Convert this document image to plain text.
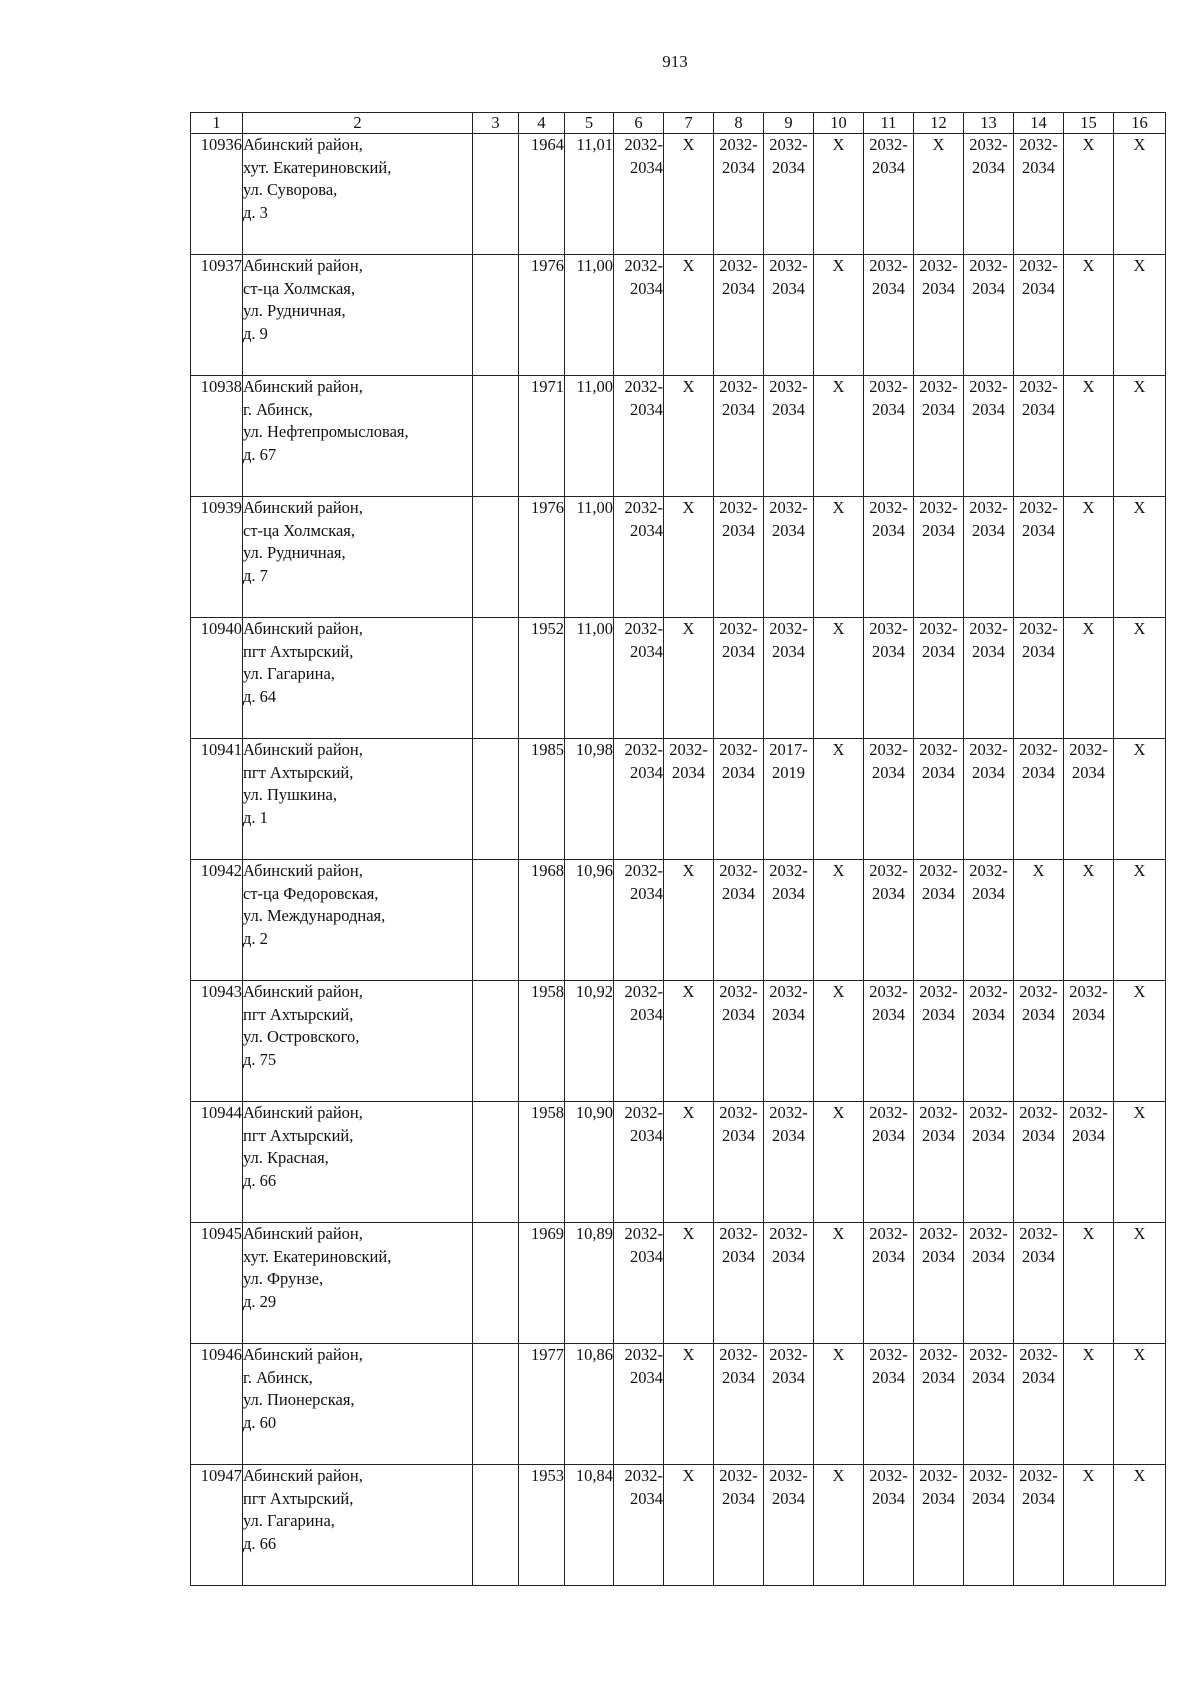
913
1	2	3	4	5	6	7	8	9	10	11	12	13	14	15	16
10936	Абинский район,
хут. Екатериновский,
ул. Суворова,
д. 3		1964	11,01	2032-
2034	X	2032-
2034	2032-
2034	X	2032-
2034	X	2032-
2034	2032-
2034	X	X

10937	Абинский район,
ст-ца Холмская,
ул. Рудничная,
д. 9		1976	11,00	2032-
2034	X	2032-
2034	2032-
2034	X	2032-
2034	2032-
2034	2032-
2034	2032-
2034	X	X

10938	Абинский район,
г. Абинск,
ул. Нефтепромысловая,
д. 67		1971	11,00	2032-
2034	X	2032-
2034	2032-
2034	X	2032-
2034	2032-
2034	2032-
2034	2032-
2034	X	X

10939	Абинский район,
ст-ца Холмская,
ул. Рудничная,
д. 7		1976	11,00	2032-
2034	X	2032-
2034	2032-
2034	X	2032-
2034	2032-
2034	2032-
2034	2032-
2034	X	X

10940	Абинский район,
пгт Ахтырский,
ул. Гагарина,
д. 64		1952	11,00	2032-
2034	X	2032-
2034	2032-
2034	X	2032-
2034	2032-
2034	2032-
2034	2032-
2034	X	X

10941	Абинский район,
пгт Ахтырский,
ул. Пушкина,
д. 1		1985	10,98	2032-
2034	2032-
2034	2032-
2034	2017-
2019	X	2032-
2034	2032-
2034	2032-
2034	2032-
2034	2032-
2034	X

10942	Абинский район,
ст-ца Федоровская,
ул. Международная,
д. 2		1968	10,96	2032-
2034	X	2032-
2034	2032-
2034	X	2032-
2034	2032-
2034	2032-
2034	X	X	X

10943	Абинский район,
пгт Ахтырский,
ул. Островского,
д. 75		1958	10,92	2032-
2034	X	2032-
2034	2032-
2034	X	2032-
2034	2032-
2034	2032-
2034	2032-
2034	2032-
2034	X

10944	Абинский район,
пгт Ахтырский,
ул. Красная,
д. 66		1958	10,90	2032-
2034	X	2032-
2034	2032-
2034	X	2032-
2034	2032-
2034	2032-
2034	2032-
2034	2032-
2034	X

10945	Абинский район,
хут. Екатериновский,
ул. Фрунзе,
д. 29		1969	10,89	2032-
2034	X	2032-
2034	2032-
2034	X	2032-
2034	2032-
2034	2032-
2034	2032-
2034	X	X

10946	Абинский район,
г. Абинск,
ул. Пионерская,
д. 60		1977	10,86	2032-
2034	X	2032-
2034	2032-
2034	X	2032-
2034	2032-
2034	2032-
2034	2032-
2034	X	X

10947	Абинский район,
пгт Ахтырский,
ул. Гагарина,
д. 66		1953	10,84	2032-
2034	X	2032-
2034	2032-
2034	X	2032-
2034	2032-
2034	2032-
2034	2032-
2034	X	X
